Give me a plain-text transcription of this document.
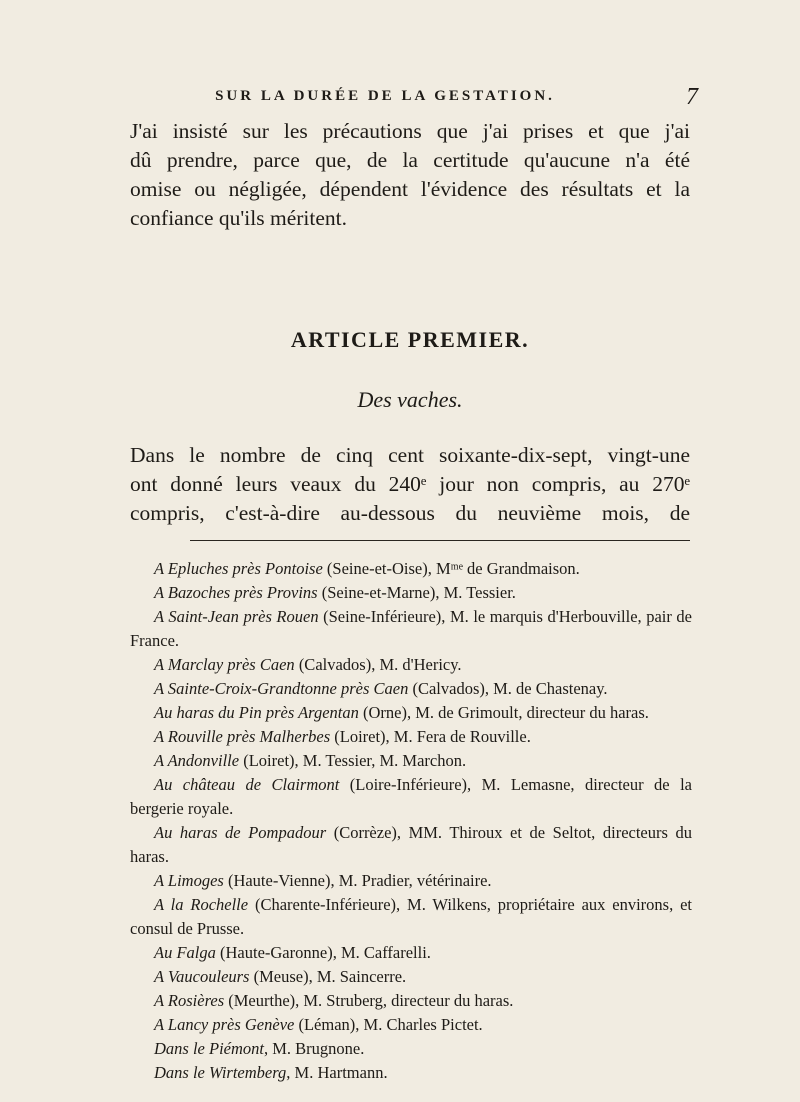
SUR LA DURÉE DE LA GESTATION.	7
J'ai insisté sur les précautions que j'ai prises et que j'ai
dû prendre, parce que, de la certitude qu'aucune n'a été
omise ou négligée, dépendent l'évidence des résultats et la
confiance qu'ils méritent.
ARTICLE PREMIER.
Des vaches.
Dans le nombre de cinq cent soixante-dix-sept, vingt-une
ont donné leurs veaux du 240ᵉ jour non compris, au 270ᵉ
compris, c'est-à-dire au-dessous du neuvième mois, de
A Epluches près Pontoise (Seine-et-Oise), Mᵐᵉ de Grandmaison.
A Bazoches près Provins (Seine-et-Marne), M. Tessier.
A Saint-Jean près Rouen (Seine-Inférieure), M. le marquis d'Herbouville, pair de France.
A Marclay près Caen (Calvados), M. d'Hericy.
A Sainte-Croix-Grandtonne près Caen (Calvados), M. de Chastenay.
Au haras du Pin près Argentan (Orne), M. de Grimoult, directeur du haras.
A Rouville près Malherbes (Loiret), M. Fera de Rouville.
A Andonville (Loiret), M. Tessier, M. Marchon.
Au château de Clairmont (Loire-Inférieure), M. Lemasne, directeur de la bergerie royale.
Au haras de Pompadour (Corrèze), MM. Thiroux et de Seltot, directeurs du haras.
A Limoges (Haute-Vienne), M. Pradier, vétérinaire.
A la Rochelle (Charente-Inférieure), M. Wilkens, propriétaire aux environs, et consul de Prusse.
Au Falga (Haute-Garonne), M. Caffarelli.
A Vaucouleurs (Meuse), M. Saincerre.
A Rosières (Meurthe), M. Struberg, directeur du haras.
A Lancy près Genève (Léman), M. Charles Pictet.
Dans le Piémont, M. Brugnone.
Dans le Wirtemberg, M. Hartmann.
